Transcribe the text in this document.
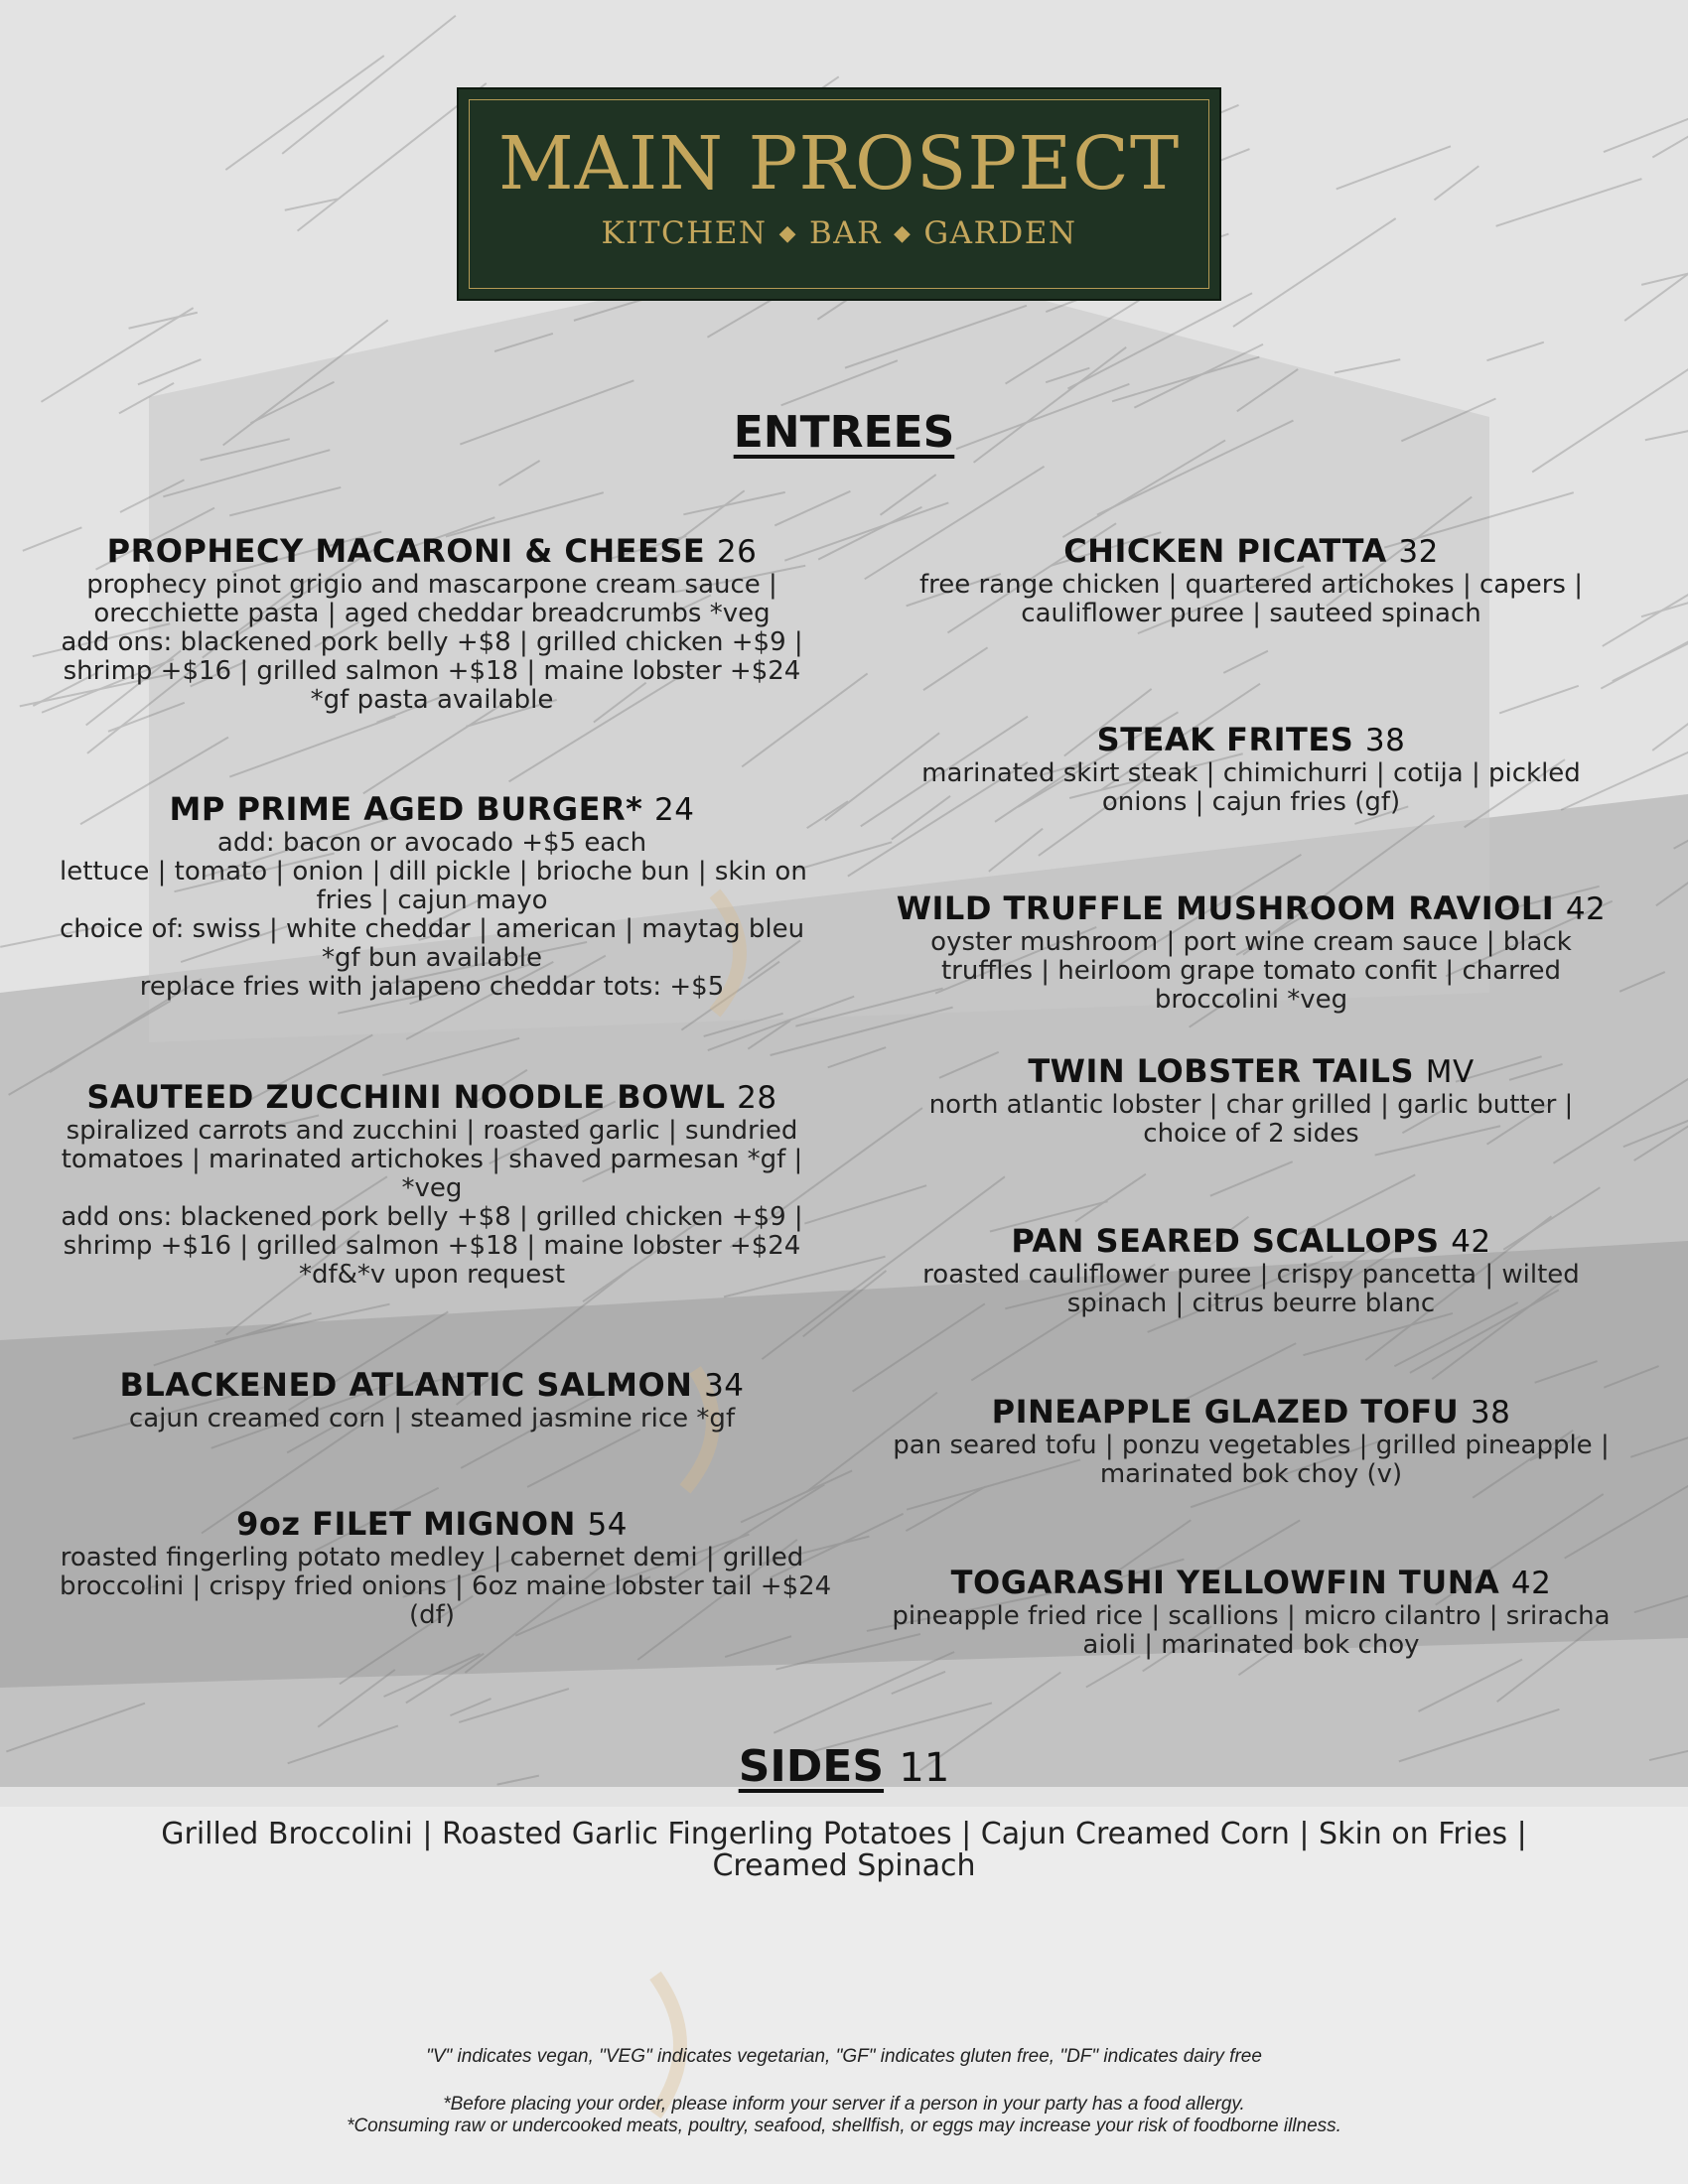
MAIN PROSPECT
KITCHEN ◆ BAR ◆ GARDEN
ENTREES
PROPHECY MACARONI & CHEESE 26
prophecy pinot grigio and mascarpone cream sauce |
orecchiette pasta | aged cheddar breadcrumbs *veg
add ons: blackened pork belly +$8 | grilled chicken +$9 |
shrimp +$16 | grilled salmon +$18 | maine lobster +$24
*gf pasta available
MP PRIME AGED BURGER* 24
add: bacon or avocado +$5 each
lettuce | tomato | onion | dill pickle | brioche bun | skin on
fries | cajun mayo
choice of: swiss | white cheddar | american | maytag bleu
*gf bun available
replace fries with jalapeno cheddar tots: +$5
SAUTEED ZUCCHINI NOODLE BOWL 28
spiralized carrots and zucchini | roasted garlic | sundried
tomatoes | marinated artichokes | shaved parmesan *gf |
*veg
add ons: blackened pork belly +$8 | grilled chicken +$9 |
shrimp +$16 | grilled salmon +$18 | maine lobster +$24
*df&*v upon request
BLACKENED ATLANTIC SALMON 34
cajun creamed corn | steamed jasmine rice *gf
9oz FILET MIGNON 54
roasted fingerling potato medley | cabernet demi | grilled
broccolini | crispy fried onions | 6oz maine lobster tail +$24
(df)
CHICKEN PICATTA 32
free range chicken | quartered artichokes | capers |
cauliflower puree | sauteed spinach
STEAK FRITES 38
marinated skirt steak | chimichurri | cotija | pickled
onions | cajun fries (gf)
WILD TRUFFLE MUSHROOM RAVIOLI 42
oyster mushroom | port wine cream sauce | black
truffles | heirloom grape tomato confit | charred
broccolini *veg
TWIN LOBSTER TAILS MV
north atlantic lobster | char grilled | garlic butter |
choice of 2 sides
PAN SEARED SCALLOPS 42
roasted cauliflower puree | crispy pancetta | wilted
spinach | citrus beurre blanc
PINEAPPLE GLAZED TOFU 38
pan seared tofu | ponzu vegetables | grilled pineapple |
marinated bok choy (v)
TOGARASHI YELLOWFIN TUNA 42
pineapple fried rice | scallions | micro cilantro | sriracha
aioli | marinated bok choy
SIDES 11
Grilled Broccolini | Roasted Garlic Fingerling Potatoes | Cajun Creamed Corn | Skin on Fries |
Creamed Spinach
"V" indicates vegan, "VEG" indicates vegetarian, "GF" indicates gluten free, "DF" indicates dairy free
*Before placing your order, please inform your server if a person in your party has a food allergy.
*Consuming raw or undercooked meats, poultry, seafood, shellfish, or eggs may increase your risk of foodborne illness.
